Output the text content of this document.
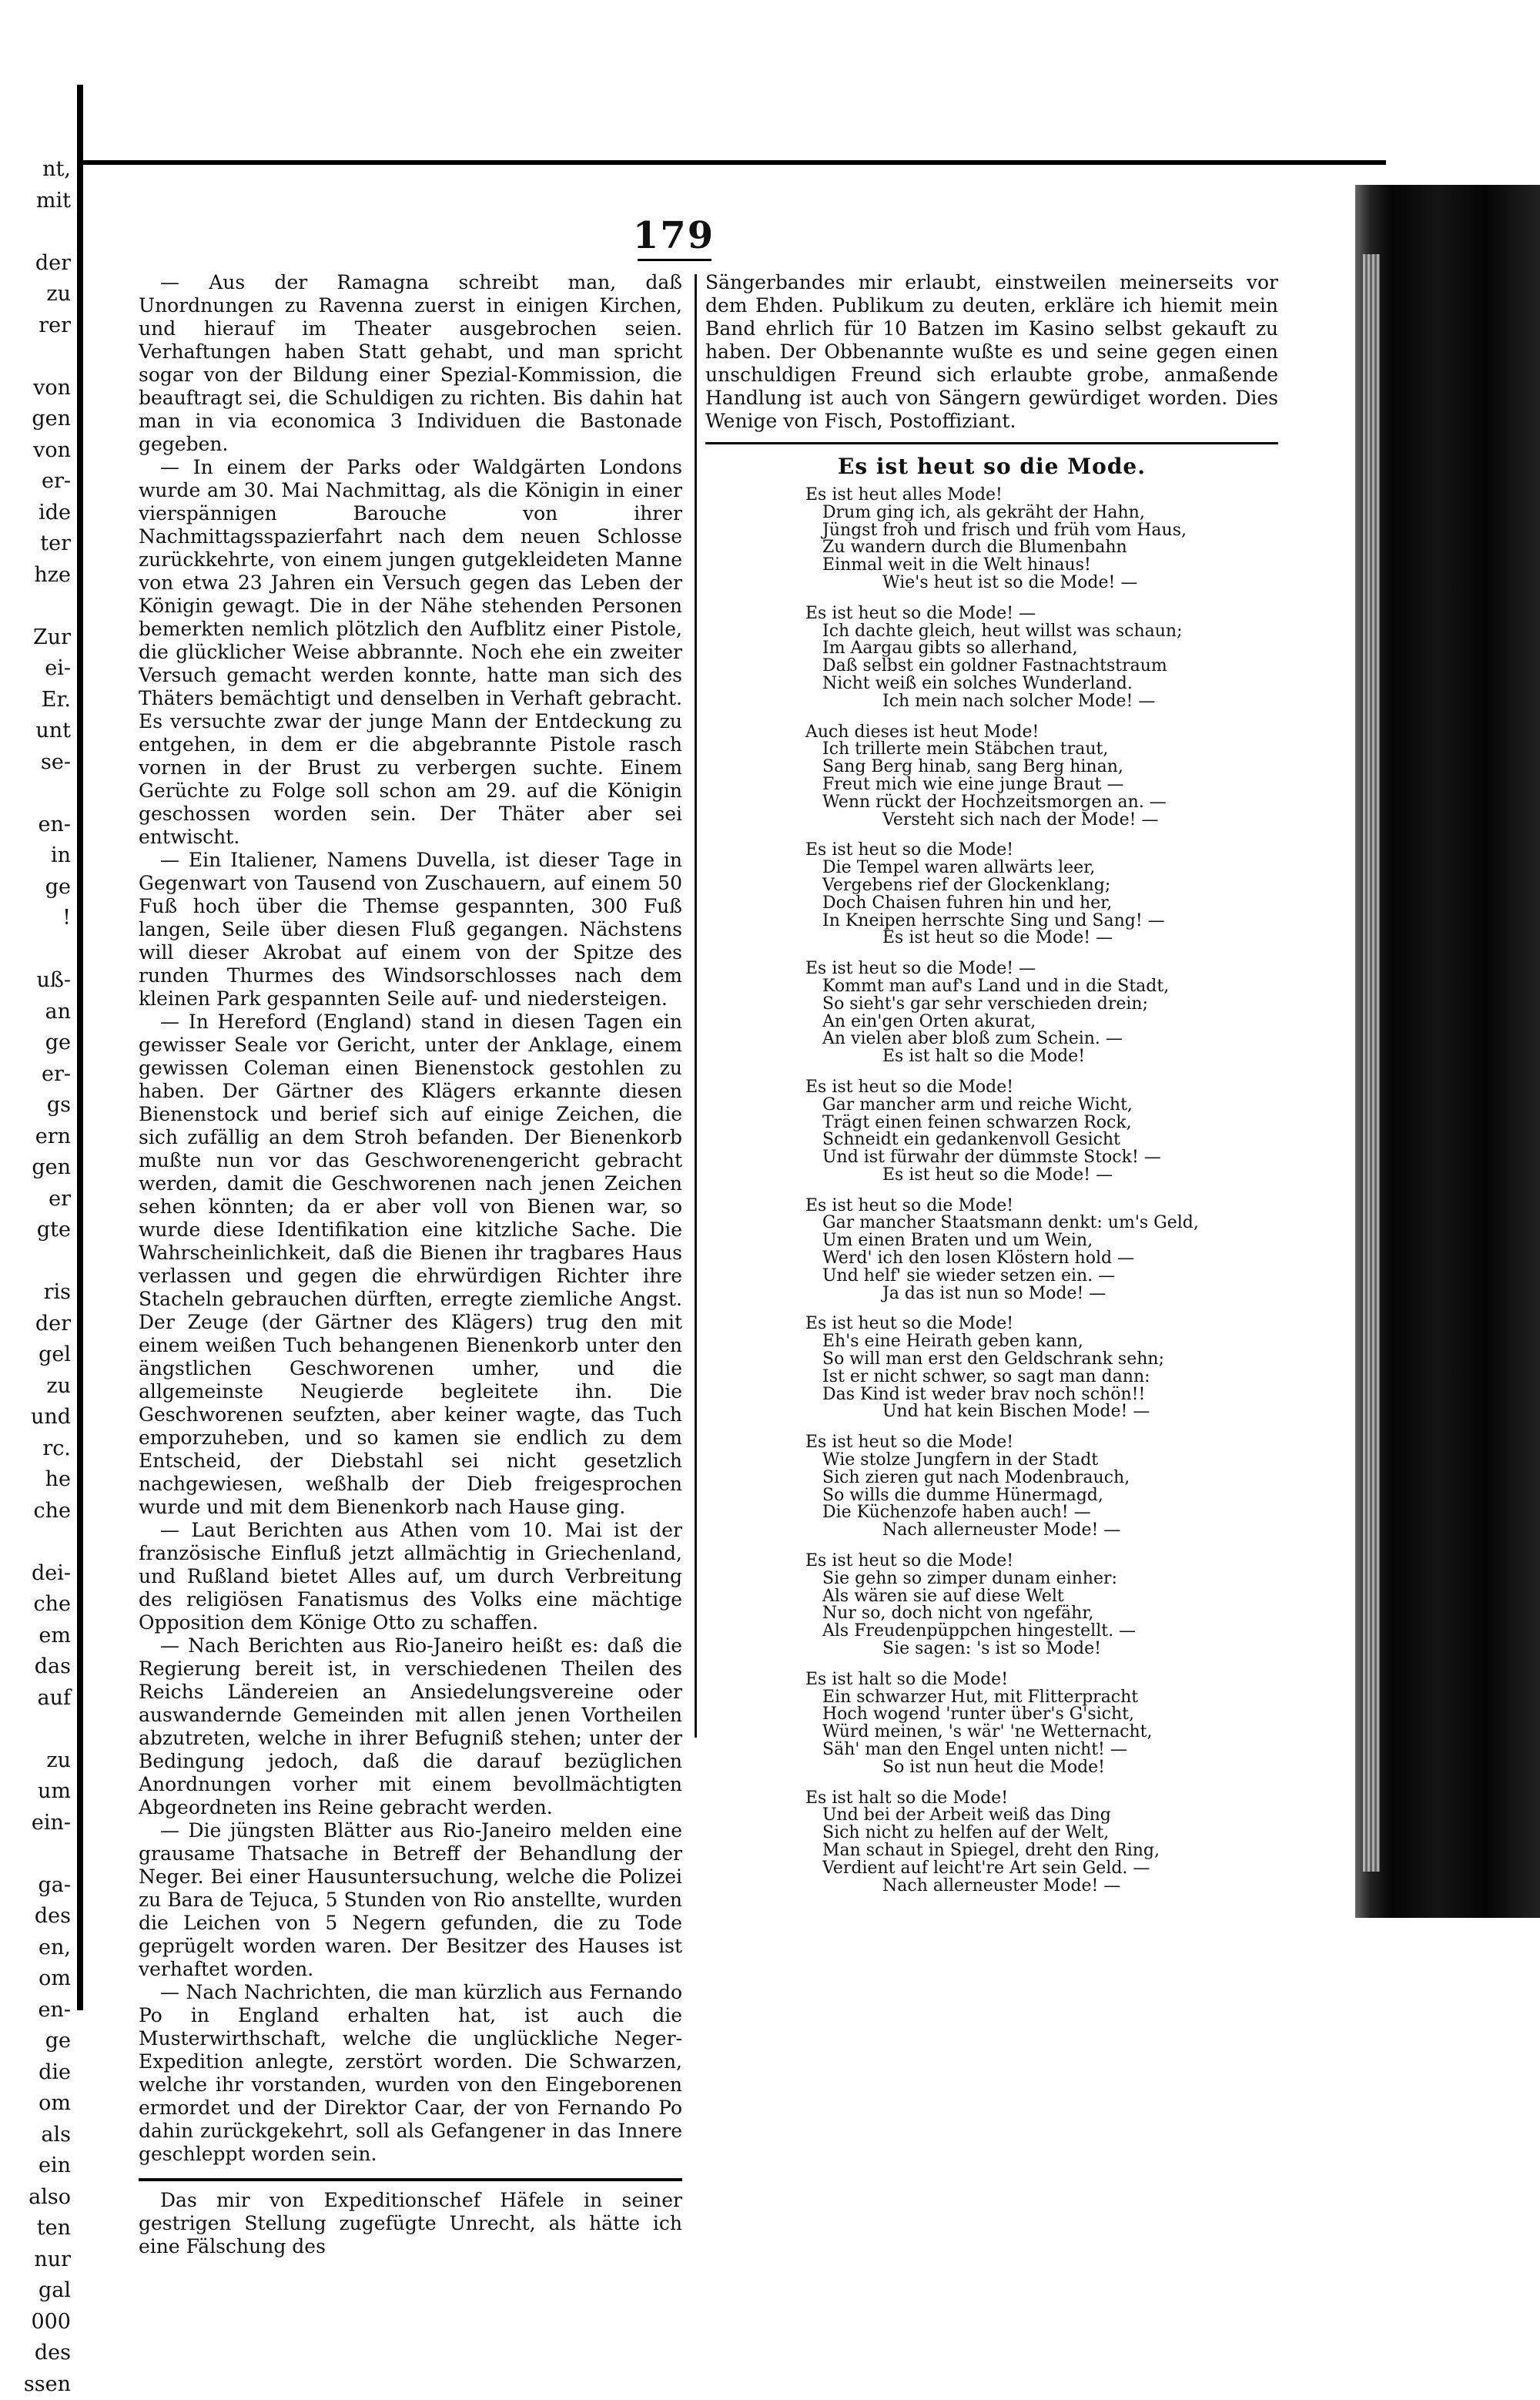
nt,
mit
der
zu
rer
von
gen
von
er-
ide
ter
hze
Zur
ei-
Er.
unt
se-
en-
in
ge
!
uß-
an
ge
er-
gs
ern
gen
er
gte
ris
der
gel
zu
und
rc.
he
che
dei-
che
em
das
auf
zu
um
ein-
ga-
des
en,
om
en-
ge
die
om
als
ein
also
ten
nur
gal
000
des
ssen
179

— Aus der Ramagna schreibt man, daß Unordnungen zu Ravenna zuerst in einigen Kirchen, und hierauf im Theater ausgebrochen seien. Verhaftungen haben Statt gehabt, und man spricht sogar von der Bildung einer Spezial-Kommission, die beauftragt sei, die Schuldigen zu richten. Bis dahin hat man in via economica 3 Individuen die Bastonade gegeben.

— In einem der Parks oder Waldgärten Londons wurde am 30. Mai Nachmittag, als die Königin in einer vierspännigen Barouche von ihrer Nachmittagsspazierfahrt nach dem neuen Schlosse zurückkehrte, von einem jungen gutgekleideten Manne von etwa 23 Jahren ein Versuch gegen das Leben der Königin gewagt. Die in der Nähe stehenden Personen bemerkten nemlich plötzlich den Aufblitz einer Pistole, die glücklicher Weise abbrannte. Noch ehe ein zweiter Versuch gemacht werden konnte, hatte man sich des Thäters bemächtigt und denselben in Verhaft gebracht. Es versuchte zwar der junge Mann der Entdeckung zu entgehen, in dem er die abgebrannte Pistole rasch vornen in der Brust zu verbergen suchte. Einem Gerüchte zu Folge soll schon am 29. auf die Königin geschossen worden sein. Der Thäter aber sei entwischt.

— Ein Italiener, Namens Duvella, ist dieser Tage in Gegenwart von Tausend von Zuschauern, auf einem 50 Fuß hoch über die Themse gespannten, 300 Fuß langen, Seile über diesen Fluß gegangen. Nächstens will dieser Akrobat auf einem von der Spitze des runden Thurmes des Windsorschlosses nach dem kleinen Park gespannten Seile auf- und niedersteigen.

— In Hereford (England) stand in diesen Tagen ein gewisser Seale vor Gericht, unter der Anklage, einem gewissen Coleman einen Bienenstock gestohlen zu haben. Der Gärtner des Klägers erkannte diesen Bienenstock und berief sich auf einige Zeichen, die sich zufällig an dem Stroh befanden. Der Bienenkorb mußte nun vor das Geschworenengericht gebracht werden, damit die Geschworenen nach jenen Zeichen sehen könnten; da er aber voll von Bienen war, so wurde diese Identifikation eine kitzliche Sache. Die Wahrscheinlichkeit, daß die Bienen ihr tragbares Haus verlassen und gegen die ehrwürdigen Richter ihre Stacheln gebrauchen dürften, erregte ziemliche Angst. Der Zeuge (der Gärtner des Klägers) trug den mit einem weißen Tuch behangenen Bienenkorb unter den ängstlichen Geschworenen umher, und die allgemeinste Neugierde begleitete ihn. Die Geschworenen seufzten, aber keiner wagte, das Tuch emporzuheben, und so kamen sie endlich zu dem Entscheid, der Diebstahl sei nicht gesetzlich nachgewiesen, weßhalb der Dieb freigesprochen wurde und mit dem Bienenkorb nach Hause ging.

— Laut Berichten aus Athen vom 10. Mai ist der französische Einfluß jetzt allmächtig in Griechenland, und Rußland bietet Alles auf, um durch Verbreitung des religiösen Fanatismus des Volks eine mächtige Opposition dem Könige Otto zu schaffen.

— Nach Berichten aus Rio-Janeiro heißt es: daß die Regierung bereit ist, in verschiedenen Theilen des Reichs Ländereien an Ansiedelungsvereine oder auswandernde Gemeinden mit allen jenen Vortheilen abzutreten, welche in ihrer Befugniß stehen; unter der Bedingung jedoch, daß die darauf bezüglichen Anordnungen vorher mit einem bevollmächtigten Abgeordneten ins Reine gebracht werden.

— Die jüngsten Blätter aus Rio-Janeiro melden eine grausame Thatsache in Betreff der Behandlung der Neger. Bei einer Hausuntersuchung, welche die Polizei zu Bara de Tejuca, 5 Stunden von Rio anstellte, wurden die Leichen von 5 Negern gefunden, die zu Tode geprügelt worden waren. Der Besitzer des Hauses ist verhaftet worden.

— Nach Nachrichten, die man kürzlich aus Fernando Po in England erhalten hat, ist auch die Musterwirthschaft, welche die unglückliche Neger-Expedition anlegte, zerstört worden. Die Schwarzen, welche ihr vorstanden, wurden von den Eingeborenen ermordet und der Direktor Caar, der von Fernando Po dahin zurückgekehrt, soll als Gefangener in das Innere geschleppt worden sein.

Das mir von Expeditionschef Häfele in seiner gestrigen Stellung zugefügte Unrecht, als hätte ich eine Fälschung des

Sängerbandes mir erlaubt, einstweilen meinerseits vor dem Ehden. Publikum zu deuten, erkläre ich hiemit mein Band ehrlich für 10 Batzen im Kasino selbst gekauft zu haben. Der Obbenannte wußte es und seine gegen einen unschuldigen Freund sich erlaubte grobe, anmaßende Handlung ist auch von Sängern gewürdiget worden. Dies Wenige von Fisch, Postoffiziant.

Es ist heut so die Mode.
Es ist heut alles Mode!
Drum ging ich, als gekräht der Hahn,
Jüngst froh und frisch und früh vom Haus,
Zu wandern durch die Blumenbahn
Einmal weit in die Welt hinaus!
Wie's heut ist so die Mode! —
Es ist heut so die Mode! —
Ich dachte gleich, heut willst was schaun;
Im Aargau gibts so allerhand,
Daß selbst ein goldner Fastnachtstraum
Nicht weiß ein solches Wunderland.
Ich mein nach solcher Mode! —
Auch dieses ist heut Mode!
Ich trillerte mein Stäbchen traut,
Sang Berg hinab, sang Berg hinan,
Freut mich wie eine junge Braut —
Wenn rückt der Hochzeitsmorgen an. —
Versteht sich nach der Mode! —
Es ist heut so die Mode!
Die Tempel waren allwärts leer,
Vergebens rief der Glockenklang;
Doch Chaisen fuhren hin und her,
In Kneipen herrschte Sing und Sang! —
Es ist heut so die Mode! —
Es ist heut so die Mode! —
Kommt man auf's Land und in die Stadt,
So sieht's gar sehr verschieden drein;
An ein'gen Orten akurat,
An vielen aber bloß zum Schein. —
Es ist halt so die Mode!
Es ist heut so die Mode!
Gar mancher arm und reiche Wicht,
Trägt einen feinen schwarzen Rock,
Schneidt ein gedankenvoll Gesicht
Und ist fürwahr der dümmste Stock! —
Es ist heut so die Mode! —
Es ist heut so die Mode!
Gar mancher Staatsmann denkt: um's Geld,
Um einen Braten und um Wein,
Werd' ich den losen Klöstern hold —
Und helf' sie wieder setzen ein. —
Ja das ist nun so Mode! —
Es ist heut so die Mode!
Eh's eine Heirath geben kann,
So will man erst den Geldschrank sehn;
Ist er nicht schwer, so sagt man dann:
Das Kind ist weder brav noch schön!!
Und hat kein Bischen Mode! —
Es ist heut so die Mode!
Wie stolze Jungfern in der Stadt
Sich zieren gut nach Modenbrauch,
So wills die dumme Hünermagd,
Die Küchenzofe haben auch! —
Nach allerneuster Mode! —
Es ist heut so die Mode!
Sie gehn so zimper dunam einher:
Als wären sie auf diese Welt
Nur so, doch nicht von ngefähr,
Als Freudenpüppchen hingestellt. —
Sie sagen: 's ist so Mode!
Es ist halt so die Mode!
Ein schwarzer Hut, mit Flitterpracht
Hoch wogend 'runter über's G'sicht,
Würd meinen, 's wär' 'ne Wetternacht,
Säh' man den Engel unten nicht! —
So ist nun heut die Mode!
Es ist halt so die Mode!
Und bei der Arbeit weiß das Ding
Sich nicht zu helfen auf der Welt,
Man schaut in Spiegel, dreht den Ring,
Verdient auf leicht're Art sein Geld. —
Nach allerneuster Mode! —
